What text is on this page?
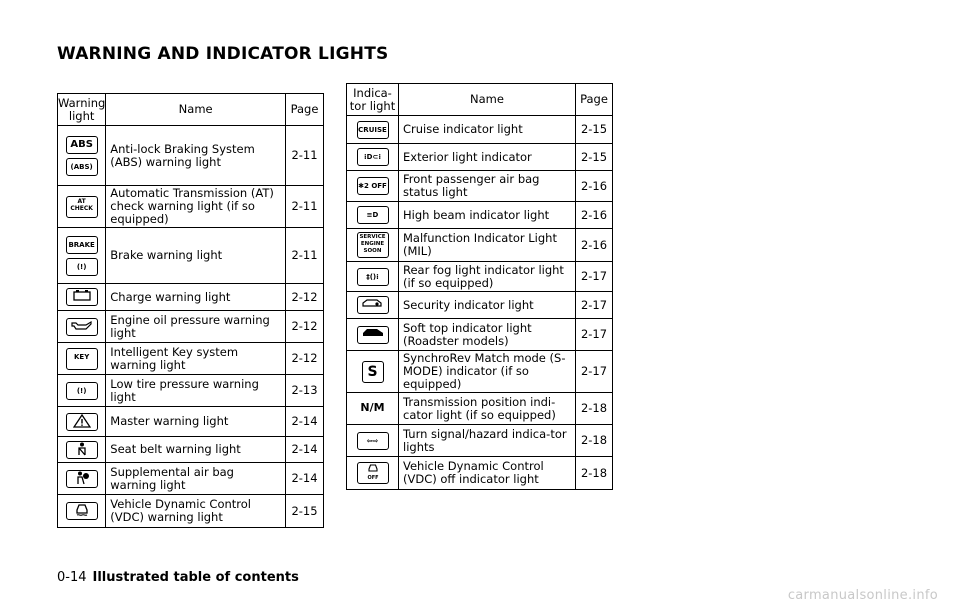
WARNING AND INDICATOR LIGHTS
Warning light	Name	Page

ABS
(ABS)	Anti-lock Braking System (ABS) warning light	2-11
AT CHECK	Automatic Transmission (AT) check warning light (if so equipped)	2-11

BRAKE
(!)	Brake warning light	2-11
	Charge warning light	2-12
	Engine oil pressure warning light	2-12
KEY	Intelligent Key system warning light	2-12
(!)	Low tire pressure warning light	2-13
	Master warning light	2-14
	Seat belt warning light	2-14
	Supplemental air bag warning light	2-14
	Vehicle Dynamic Control (VDC) warning light	2-15
Indica-tor light	Name	Page
CRUISE	Cruise indicator light	2-15
⁝D⊂⁝	Exterior light indicator	2-15
✱2 OFF	Front passenger air bag status light	2-16
≡D	High beam indicator light	2-16
SERVICE ENGINE SOON	Malfunction Indicator Light (MIL)	2-16
‡()⁝	Rear fog light indicator light (if so equipped)	2-17
	Security indicator light	2-17
	Soft top indicator light (Roadster models)	2-17
S	SynchroRev Match mode (S-MODE) indicator (if so equipped)	2-17
N/M	Transmission position indi-cator light (if so equipped)	2-18
⇦⇨	Turn signal/hazard indica-tor lights	2-18

OFF	Vehicle Dynamic Control (VDC) off indicator light	2-18
0-14 Illustrated table of contents
carmanualsonline.info
